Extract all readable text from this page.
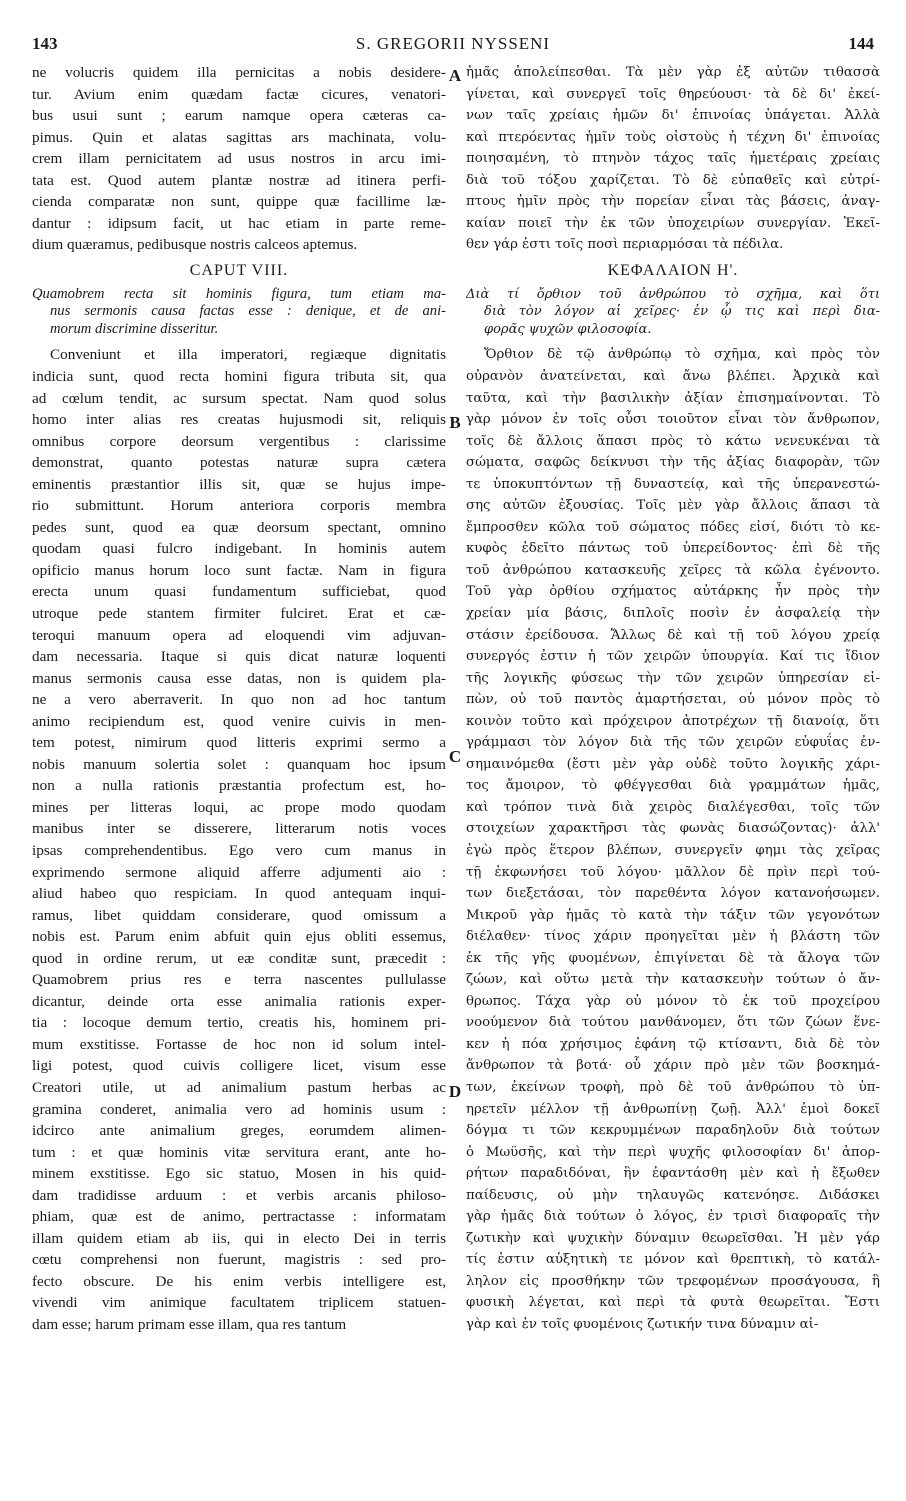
143	S. GREGORII NYSSENI	144
ne volucris quidem illa pernicitas a nobis desidere-
tur. Avium enim quædam factæ cicures, venatori-
bus usui sunt ; earum namque opera cæteras ca-
pimus. Quin et alatas sagittas ars machinata, volu-
crem illam pernicitatem ad usus nostros in arcu imi-
tata est. Quod autem plantæ nostræ ad itinera perfi-
cienda comparatæ non sunt, quippe quæ facillime læ-
dantur : idipsum facit, ut hac etiam in parte reme-
dium quæramus, pedibusque nostris calceos aptemus.
CAPUT VIII.
Quamobrem recta sit hominis figura, tum etiam ma-
nus sermonis causa factas esse : denique, et de ani-
morum discrimine disseritur.
Conveniunt et illa imperatori, regiæque dignitatis
indicia sunt, quod recta homini figura tributa sit, qua
ad cœlum tendit, ac sursum spectat. Nam quod solus
homo inter alias res creatas hujusmodi sit, reliquis
omnibus corpore deorsum vergentibus : clarissime
demonstrat, quanto potestas naturæ supra cætera
eminentis præstantior illis sit, quæ se hujus impe-
rio submittunt. Horum anteriora corporis membra
pedes sunt, quod ea quæ deorsum spectant, omnino
quodam quasi fulcro indigebant. In hominis autem
opificio manus horum loco sunt factæ. Nam in figura
erecta unum quasi fundamentum sufficiebat, quod
utroque pede stantem firmiter fulciret. Erat et cæ-
teroqui manuum opera ad eloquendi vim adjuvan-
dam necessaria. Itaque si quis dicat naturæ loquenti
manus sermonis causa esse datas, non is quidem pla-
ne a vero aberraverit. In quo non ad hoc tantum
animo recipiendum est, quod venire cuivis in men-
tem potest, nimirum quod litteris exprimi sermo a
nobis manuum solertia solet : quanquam hoc ipsum
non a nulla rationis præstantia profectum est, ho-
mines per litteras loqui, ac prope modo quodam
manibus inter se disserere, litterarum notis voces
ipsas comprehendentibus. Ego vero cum manus in
exprimendo sermone aliquid afferre adjumenti aio :
aliud habeo quo respiciam. In quod antequam inqui-
ramus, libet quiddam considerare, quod omissum a
nobis est. Parum enim abfuit quin ejus obliti essemus,
quod in ordine rerum, ut eæ conditæ sunt, præcedit :
Quamobrem prius res e terra nascentes pullulasse
dicantur, deinde orta esse animalia rationis exper-
tia : locoque demum tertio, creatis his, hominem pri-
mum exstitisse. Fortasse de hoc non id solum intel-
ligi potest, quod cuivis colligere licet, visum esse
Creatori utile, ut ad animalium pastum herbas ac
gramina conderet, animalia vero ad hominis usum :
idcirco ante animalium greges, eorumdem alimen-
tum : et quæ hominis vitæ servitura erant, ante ho-
minem exstitisse. Ego sic statuo, Mosen in his quid-
dam tradidisse arduum : et verbis arcanis philoso-
phiam, quæ est de animo, pertractasse : informatam
illam quidem etiam ab iis, qui in electo Dei in terris
cœtu comprehensi non fuerunt, magistris : sed pro-
fecto obscure. De his enim verbis intelligere est,
vivendi vim animique facultatem triplicem statuen-
dam esse; harum primam esse illam, qua res tantum
ἡμᾶς ἀπολείπεσθαι. Τὰ μὲν γὰρ ἐξ αὐτῶν τιθασσὰ
γίνεται, καὶ συνεργεῖ τοῖς θηρεύουσι· τὰ δὲ δι' ἐκεί-
νων ταῖς χρείαις ἡμῶν δι' ἐπινοίας ὑπάγεται. Ἀλλὰ
καὶ πτερόεντας ἡμῖν τοὺς οἰστοὺς ἡ τέχνη δι' ἐπινοίας
ποιησαμένη, τὸ πτηνὸν τάχος ταῖς ἡμετέραις χρείαις
διὰ τοῦ τόξου χαρίζεται. Τὸ δὲ εὐπαθεῖς καὶ εὐτρί-
πτους ἡμῖν πρὸς τὴν πορείαν εἶναι τὰς βάσεις, ἀναγ-
καίαν ποιεῖ τὴν ἐκ τῶν ὑποχειρίων συνεργίαν. Ἐκεῖ-
θεν γάρ ἐστι τοῖς ποσὶ περιαρμόσαι τὰ πέδιλα.
ΚΕΦΑΛΑΙΟΝ Η'.
Διὰ τί ὄρθιον τοῦ ἀνθρώπου τὸ σχῆμα, καὶ ὅτι
διὰ τὸν λόγον αἱ χεῖρες· ἐν ᾧ τις καὶ περὶ δια-
φορᾶς ψυχῶν φιλοσοφία.
Ὄρθιον δὲ τῷ ἀνθρώπῳ τὸ σχῆμα, καὶ πρὸς τὸν
οὐρανὸν ἀνατείνεται, καὶ ἄνω βλέπει. Ἀρχικὰ καὶ
ταῦτα, καὶ τὴν βασιλικὴν ἀξίαν ἐπισημαίνονται. Τὸ
γὰρ μόνον ἐν τοῖς οὖσι τοιοῦτον εἶναι τὸν ἄνθρωπον,
τοῖς δὲ ἄλλοις ἅπασι πρὸς τὸ κάτω νενευκέναι τὰ
σώματα, σαφῶς δείκνυσι τὴν τῆς ἀξίας διαφορὰν, τῶν
τε ὑποκυπτόντων τῇ δυναστείᾳ, καὶ τῆς ὑπερανεστώ-
σης αὐτῶν ἐξουσίας. Τοῖς μὲν γὰρ ἄλλοις ἅπασι τὰ
ἔμπροσθεν κῶλα τοῦ σώματος πόδες εἰσί, διότι τὸ κε-
κυφὸς ἐδεῖτο πάντως τοῦ ὑπερείδοντος· ἐπὶ δὲ τῆς
τοῦ ἀνθρώπου κατασκευῆς χεῖρες τὰ κῶλα ἐγένοντο.
Τοῦ γὰρ ὀρθίου σχήματος αὐτάρκης ἦν πρὸς τὴν
χρείαν μία βάσις, διπλοῖς ποσὶν ἐν ἀσφαλείᾳ τὴν
στάσιν ἐρείδουσα. Ἄλλως δὲ καὶ τῇ τοῦ λόγου χρείᾳ
συνεργός ἐστιν ἡ τῶν χειρῶν ὑπουργία. Καί τις ἴδιον
τῆς λογικῆς φύσεως τὴν τῶν χειρῶν ὑπηρεσίαν εἰ-
πὼν, οὐ τοῦ παντὸς ἁμαρτήσεται, οὐ μόνον πρὸς τὸ
κοινὸν τοῦτο καὶ πρόχειρον ἀποτρέχων τῇ διανοίᾳ, ὅτι
γράμμασι τὸν λόγον διὰ τῆς τῶν χειρῶν εὐφυΐας ἐν-
σημαινόμεθα (ἔστι μὲν γὰρ οὐδὲ τοῦτο λογικῆς χάρι-
τος ἄμοιρον, τὸ φθέγγεσθαι διὰ γραμμάτων ἡμᾶς,
καὶ τρόπον τινὰ διὰ χειρὸς διαλέγεσθαι, τοῖς τῶν
στοιχείων χαρακτῆρσι τὰς φωνὰς διασώζοντας)· ἀλλ'
ἐγὼ πρὸς ἕτερον βλέπων, συνεργεῖν φημι τὰς χεῖρας
τῇ ἐκφωνήσει τοῦ λόγου· μᾶλλον δὲ πρὶν περὶ τού-
των διεξετάσαι, τὸν παρεθέντα λόγον κατανοήσωμεν.
Μικροῦ γὰρ ἡμᾶς τὸ κατὰ τὴν τάξιν τῶν γεγονότων
διέλαθεν· τίνος χάριν προηγεῖται μὲν ἡ βλάστη τῶν
ἐκ τῆς γῆς φυομένων, ἐπιγίνεται δὲ τὰ ἄλογα τῶν
ζώων, καὶ οὕτω μετὰ τὴν κατασκευὴν τούτων ὁ ἄν-
θρωπος. Τάχα γὰρ οὐ μόνον τὸ ἐκ τοῦ προχείρου
νοούμενον διὰ τούτου μανθάνομεν, ὅτι τῶν ζώων ἕνε-
κεν ἡ πόα χρήσιμος ἐφάνη τῷ κτίσαντι, διὰ δὲ τὸν
ἄνθρωπον τὰ βοτά· οὗ χάριν πρὸ μὲν τῶν βοσκημά-
των, ἐκείνων τροφὴ, πρὸ δὲ τοῦ ἀνθρώπου τὸ ὑπ-
ηρετεῖν μέλλον τῇ ἀνθρωπίνῃ ζωῇ. Ἀλλ' ἐμοὶ δοκεῖ
δόγμα τι τῶν κεκρυμμένων παραδηλοῦν διὰ τούτων
ὁ Μωϋσῆς, καὶ τὴν περὶ ψυχῆς φιλοσοφίαν δι' ἀπορ-
ρήτων παραδιδόναι, ἣν ἐφαντάσθη μὲν καὶ ἡ ἔξωθεν
παίδευσις, οὐ μὴν τηλαυγῶς κατενόησε. Διδάσκει
γὰρ ἡμᾶς διὰ τούτων ὁ λόγος, ἐν τρισὶ διαφοραῖς τὴν
ζωτικὴν καὶ ψυχικὴν δύναμιν θεωρεῖσθαι. Ἡ μὲν γάρ
τίς ἐστιν αὐξητικὴ τε μόνον καὶ θρεπτικὴ, τὸ κατάλ-
ληλον εἰς προσθήκην τῶν τρεφομένων προσάγουσα, ἣ
φυσικὴ λέγεται, καὶ περὶ τὰ φυτὰ θεωρεῖται. Ἔστι
γὰρ καὶ ἐν τοῖς φυομένοις ζωτικήν τινα δύναμιν αἰ-
A
B
C
D
